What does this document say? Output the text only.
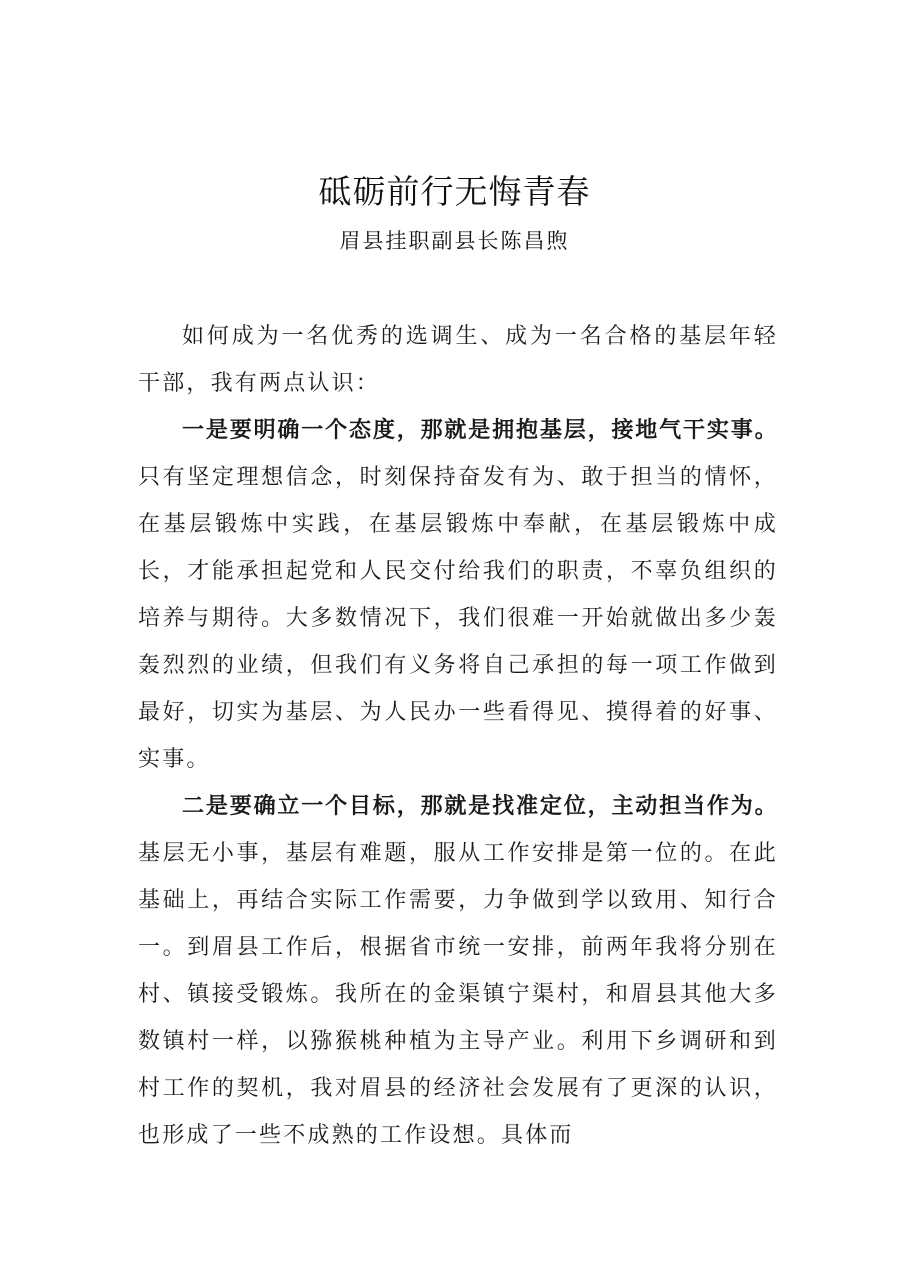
砥砺前行无悔青春
眉县挂职副县长陈昌煦

如何成为一名优秀的选调生、成为一名合格的基层年轻干部，我有两点认识：

一是要明确一个态度，那就是拥抱基层，接地气干实事。只有坚定理想信念，时刻保持奋发有为、敢于担当的情怀，在基层锻炼中实践，在基层锻炼中奉献，在基层锻炼中成长，才能承担起党和人民交付给我们的职责，不辜负组织的培养与期待。大多数情况下，我们很难一开始就做出多少轰轰烈烈的业绩，但我们有义务将自己承担的每一项工作做到最好，切实为基层、为人民办一些看得见、摸得着的好事、实事。

二是要确立一个目标，那就是找准定位，主动担当作为。基层无小事，基层有难题，服从工作安排是第一位的。在此基础上，再结合实际工作需要，力争做到学以致用、知行合一。到眉县工作后，根据省市统一安排，前两年我将分别在村、镇接受锻炼。我所在的金渠镇宁渠村，和眉县其他大多数镇村一样，以猕猴桃种植为主导产业。利用下乡调研和到村工作的契机，我对眉县的经济社会发展有了更深的认识，也形成了一些不成熟的工作设想。具体而
